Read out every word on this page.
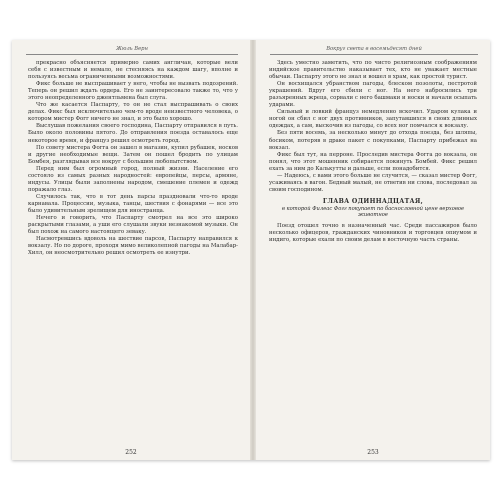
Жюль Верн

прекрасно объясняется примерно самих англичан, которые вели себя с известным и немало, не стесняясь на каждом шагу, вполне и пользуясь весьма ограниченными возможностями.

Фикс больше не выспрашивает у него, чтобы не вызвать подозрений. Теперь он решил ждать ордера. Его не заинтересовало также то, что у этого неопределенного джентльмена был слуга.

Что же касается Паспарту, то он не стал выспрашивать о своих делах. Фикс был исключительно чем-то вроде неизвестного человека, о котором мистер Фогг ничего не знал, и это было хорошо.

Выслушав пожелания своего господина, Паспарту отправился в путь. Было около половины пятого. До отправления поезда оставалось еще некоторое время, и француз решил осмотреть город.

По совету мистера Фогга он зашел в магазин, купил рубашек, носков и другие необходимые вещи. Затем он пошел бродить по улицам Бомбея, разглядывая все вокруг с большим любопытством.

Перед ним был огромный город, полный жизни. Население его состояло из самых разных народностей: европейцы, персы, армяне, индусы. Улицы были заполнены народом, смешение племен и одежд поражало глаз.

Случилось так, что в тот день парсы праздновали что-то вроде карнавала. Процессии, музыка, танцы, шествия с фонарями — все это было удивительным зрелищем для иностранца.

Нечего и говорить, что Паспарту смотрел на все это широко раскрытыми глазами, а уши его слушали звуки незнакомой музыки. Он был похож на самого настоящего зеваку.

Насмотревшись вдоволь на шествие парсов, Паспарту направился к вокзалу. Но по дороге, проходя мимо великолепной пагоды на Малабар-Хилл, он неосмотрительно решил осмотреть ее изнутри.

252
Вокруг света в восемьдесят дней

Здесь уместно заметить, что по чисто религиозным соображениям индийское правительство наказывает тех, кто не уважает местные обычаи. Паспарту этого не знал и вошел в храм, как простой турист.

Он восхищался убранством пагоды, блеском позолоты, пестротой украшений. Вдруг его сбили с ног. На него набросились три разъяренных жреца, сорвали с него башмаки и носки и начали осыпать ударами.

Сильный и ловкий француз немедленно вскочил. Ударом кулака и ногой он сбил с ног двух противников, запутавшихся в своих длинных одеждах, а сам, выскочив из пагоды, со всех ног помчался к вокзалу.

Без пяти восемь, за несколько минут до отхода поезда, без шляпы, босиком, потеряв в драке пакет с покупками, Паспарту прибежал на вокзал.

Фикс был тут, на перроне. Проследив мистера Фогга до вокзала, он понял, что этот мошенник собирается покинуть Бомбей. Фикс решил ехать за ним до Калькутты и дальше, если понадобится.

— Надеюсь, с вами этого больше не случится, — сказал мистер Фогг, усаживаясь в вагон. Бедный малый, не ответив ни слова, последовал за своим господином.

ГЛАВА ОДИННАДЦАТАЯ,
в которой Филеас Фогг покупает по баснословной цене верховое животное

Поезд отошел точно в назначенный час. Среди пассажиров было несколько офицеров, гражданских чиновников и торговцев опиумом и индиго, которые ехали по своим делам в восточную часть страны.

253
